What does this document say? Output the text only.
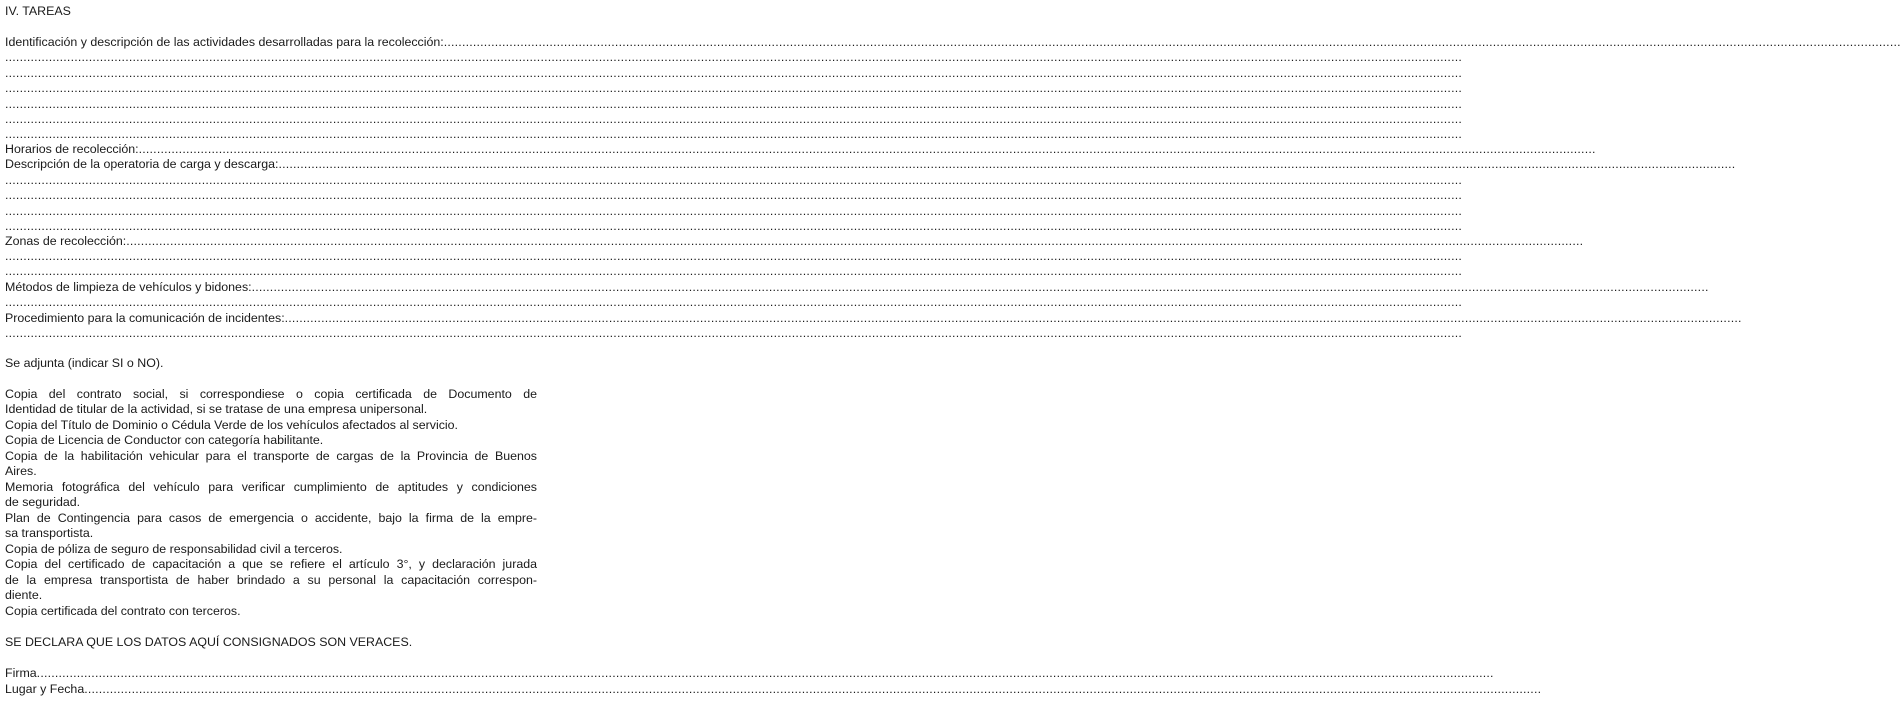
IV. TAREAS
Identificación y descripción de las actividades desarrolladas para la recolección: ................................................................................................................................................................................................................................................................................................................................................................................................................
................................................................................................................................................................................................................................................................................................................................................................................................................
................................................................................................................................................................................................................................................................................................................................................................................................................
................................................................................................................................................................................................................................................................................................................................................................................................................
................................................................................................................................................................................................................................................................................................................................................................................................................
................................................................................................................................................................................................................................................................................................................................................................................................................
................................................................................................................................................................................................................................................................................................................................................................................................................
Horarios de recolección: ................................................................................................................................................................................................................................................................................................................................................................................................................
Descripción de la operatoria de carga y descarga: ................................................................................................................................................................................................................................................................................................................................................................................................................
................................................................................................................................................................................................................................................................................................................................................................................................................
................................................................................................................................................................................................................................................................................................................................................................................................................
................................................................................................................................................................................................................................................................................................................................................................................................................
................................................................................................................................................................................................................................................................................................................................................................................................................
Zonas de recolección: ................................................................................................................................................................................................................................................................................................................................................................................................................
................................................................................................................................................................................................................................................................................................................................................................................................................
................................................................................................................................................................................................................................................................................................................................................................................................................
Métodos de limpieza de vehículos y bidones: ................................................................................................................................................................................................................................................................................................................................................................................................................
................................................................................................................................................................................................................................................................................................................................................................................................................
Procedimiento para la comunicación de incidentes: ................................................................................................................................................................................................................................................................................................................................................................................................................
................................................................................................................................................................................................................................................................................................................................................................................................................
Se adjunta (indicar SI o NO).
Copia del contrato social, si correspondiese o copia certificada de Documento de
Identidad de titular de la actividad, si se tratase de una empresa unipersonal.
Copia del Título de Dominio o Cédula Verde de los vehículos afectados al servicio.
Copia de Licencia de Conductor con categoría habilitante.
Copia de la habilitación vehicular para el transporte de cargas de la Provincia de Buenos
Aires.
Memoria fotográfica del vehículo para verificar cumplimiento de aptitudes y condiciones
de seguridad.
Plan de Contingencia para casos de emergencia o accidente, bajo la firma de la empre-
sa transportista.
Copia de póliza de seguro de responsabilidad civil a terceros.
Copia del certificado de capacitación a que se refiere el artículo 3°, y declaración jurada
de la empresa transportista de haber brindado a su personal la capacitación correspon-
diente.
Copia certificada del contrato con terceros.
SE DECLARA QUE LOS DATOS AQUÍ CONSIGNADOS SON VERACES.
Firma ................................................................................................................................................................................................................................................................................................................................................................................................................
Lugar y Fecha ................................................................................................................................................................................................................................................................................................................................................................................................................
